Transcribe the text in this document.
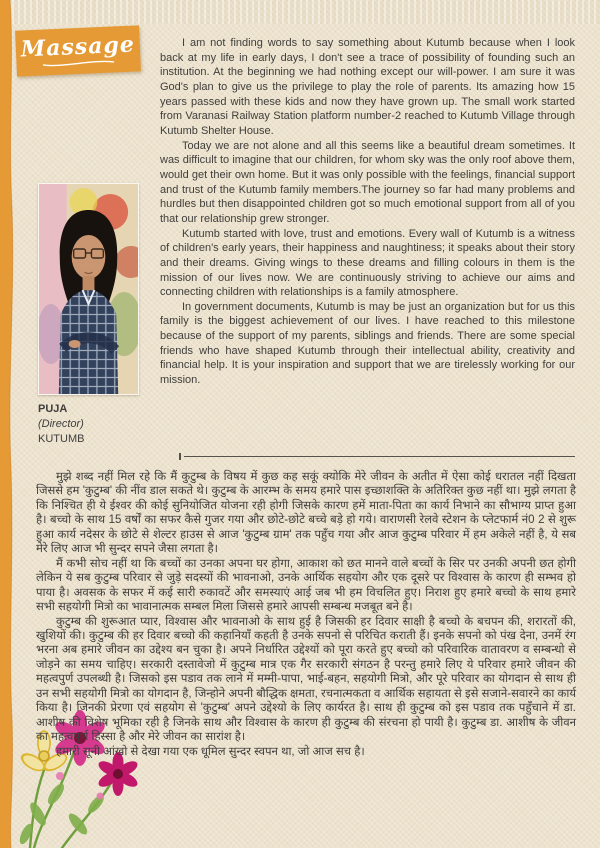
Massage	I am not finding words to say something about Kutumb because when I look back at my life in early days, I don't see a trace of possibility of founding such an institution. At the beginning we had nothing except our will-power. I am sure it was God's plan to give us the privilege to play the role of parents. Its amazing how 15 years passed with these kids and now they have grown up. The small work started from Varanasi Railway Station platform number-2 reached to Kutumb Village through Kutumb Shelter House.

Today we are not alone and all this seems like a beautiful dream sometimes. It was difficult to imagine that our children, for whom sky was the only roof above them, would get their own home. But it was only possible with the feelings, financial support and trust of the Kutumb family members.The journey so far had many problems and hurdles but then disappointed children got so much emotional support from all of you that our relationship grew stronger.

Kutumb started with love, trust and emotions. Every wall of Kutumb is a witness of children's early years, their happiness and naughtiness; it speaks about their story and their dreams. Giving wings to these dreams and filling colours in them is the mission of our lives now. We are continuously striving to achieve our aims and connecting children with relationships is a family atmosphere.

In government documents, Kutumb is may be just an organization but for us this family is the biggest achievement of our lives. I have reached to this milestone because of the support of my parents, siblings and friends. There are some special friends who have shaped Kutumb through their intellectual ability, creativity and financial help. It is your inspiration and support that we are tirelessly working for our mission.

PUJA
(Director)
KUTUMB

मुझे शब्द नहीं मिल रहे कि मैं कुटुम्ब के विषय में कुछ कह सकूं क्योकि मेरे जीवन के अतीत में ऐसा कोई धरातल नहीं दिखता जिससे हम 'कुटुम्ब' की नींव डाल सकते थे। कुटुम्ब के आरम्भ के समय हमारे पास इच्छाशक्ति के अतिरिक्त कुछ नहीं था। मुझे लगता है कि निश्चित ही ये ईश्वर की कोई सुनियोजित योजना रही होगी जिसके कारण हमें माता-पिता का कार्य निभाने का सौभाग्य प्राप्त हुआ है। बच्चो के साथ 15 वर्षों का सफर कैसे गुजर गया और छोटे-छोटे बच्चे बड़े हो गये। वाराणसी रेलवे स्टेशन के प्लेटफार्म नं0 2 से शुरू हुआ कार्य नदेसर के छोटे से शेल्टर हाउस से आज 'कुटुम्ब ग्राम' तक पहुँच गया और आज कुटुम्ब परिवार में हम अकेले नहीं है, ये सब मेरे लिए आज भी सुन्दर सपने जैसा लगता है।

मैं कभी सोच नहीं था कि बच्चों का उनका अपना घर होगा, आकाश को छत मानने वाले बच्चों के सिर पर उनकी अपनी छत होगी लेकिन ये सब कुटुम्ब परिवार से जुड़े सदस्यों की भावनाओ, उनके आर्थिक सहयोग और एक दूसरे पर विश्वास के कारण ही सम्भव हो पाया है। अवसक के सफर में कई सारी रुकावटें और समस्याएं आई जब भी हम विचलित हुए। निराश हुए हमारे बच्चो के साथ हमारे सभी सहयोगी मित्रो का भावानात्मक सम्बल मिला जिससे हमारे आपसी सम्बन्ध मजबूत बने है।

कुटुम्ब की शुरूआत प्यार, विश्वास और भावनाओ के साथ हुई है जिसकी हर दिवार साक्षी है बच्चो के बचपन की, शरारतों की, खुशियों की। कुटुम्ब की हर दिवार बच्चो की कहानियाँ कहती है उनके सपनो से परिचित कराती हैं। इनके सपनो को पंख देना, उनमें रंग भरना अब हमारे जीवन का उद्देश्य बन चुका है। अपने निर्धारित उद्देश्यों को पूरा करते हुए बच्चो को परिवारिक वातावरण व सम्बन्धो से जोड़ने का समय चाहिए। सरकारी दस्तावेजो में कुटुम्ब मात्र एक गैर सरकारी संगठन है परन्तु हमारे लिए ये परिवार हमारे जीवन की महत्वपुर्ण उपलब्धी है। जिसको इस पडाव तक लाने में मम्मी-पापा, भाई-बहन, सहयोगी मित्रो, और पूरे परिवार का योगदान से साथ ही उन सभी सहयोगी मित्रो का योगदान है, जिन्होने अपनी बौद्धिक क्षमता, रचनात्मकता व आर्थिक सहायता से इसे सजाने-सवारने का कार्य किया है। जिनकी प्रेरणा एवं सहयोग से 'कुटुम्ब' अपने उद्देश्यो के लिए कार्यरत है। साथ ही कुटुम्ब को इस पडाव तक पहुँचाने में डा. आशीष की विशेष भूमिका रही है जिनके साथ और विश्वास के कारण ही कुटुम्ब की संरचना हो पायी है। कुटुम्ब डा. आशीष के जीवन का महत्वपुर्ण हिस्सा है और मेरे जीवन का सारांश है।

हमारी सूनी आंखो से देखा गया एक धूमिल सुन्दर स्वपन था, जो आज सच है।
